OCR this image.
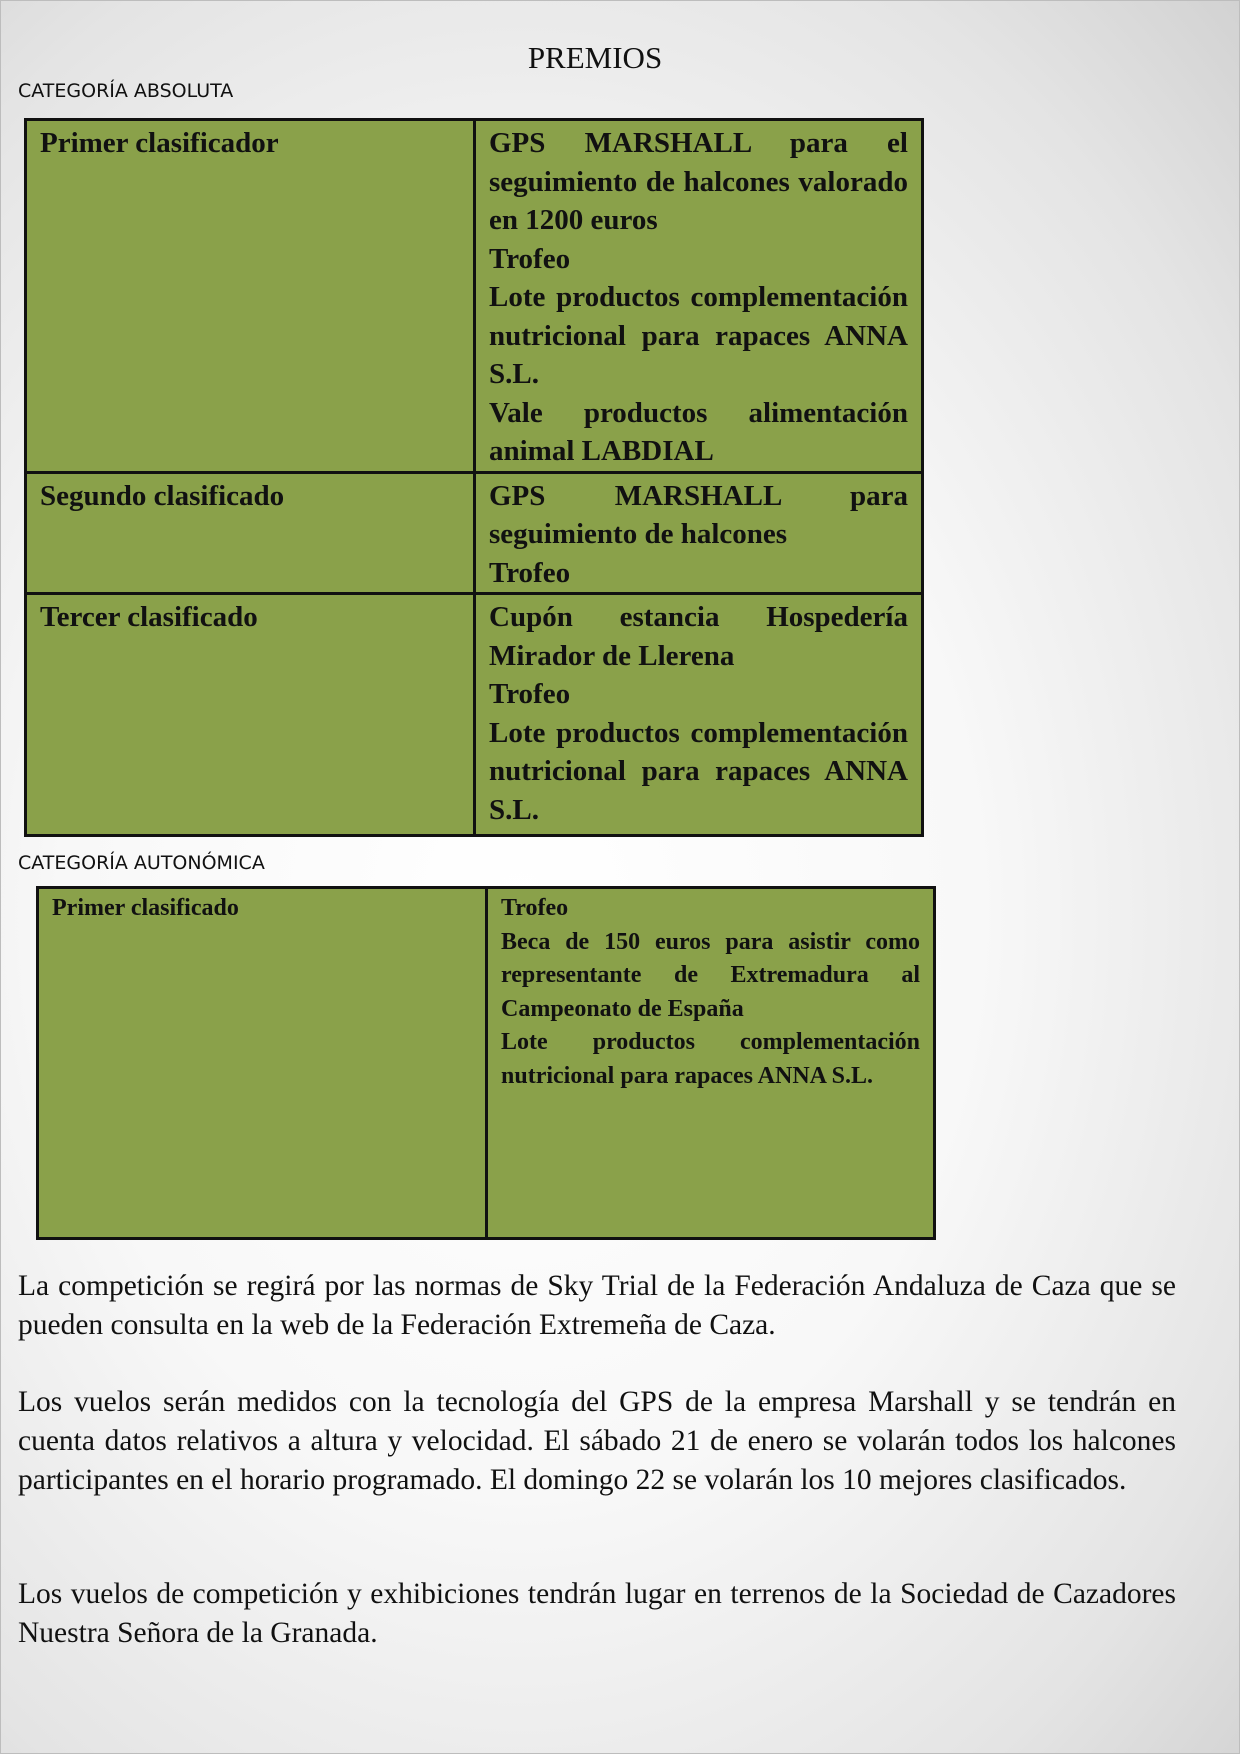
PREMIOS
CATEGORÍA ABSOLUTA
Primer clasificador	GPS MARSHALL para el seguimiento de halcones valorado en 1200 euros
Trofeo
Lote productos complementación nutricional para rapaces ANNA S.L.
Vale productos alimentación animal LABDIAL

Segundo clasificado	GPS MARSHALL para seguimiento de halcones
Trofeo

Tercer clasificado	Cupón estancia Hospedería Mirador de Llerena
Trofeo
Lote productos complementación nutricional para rapaces ANNA S.L.
CATEGORÍA AUTONÓMICA
Primer clasificado	Trofeo
Beca de 150 euros para asistir como representante de Extremadura al Campeonato de España
Lote productos complementación nutricional para rapaces ANNA S.L.
La competición se regirá por las normas de Sky Trial de la Federación Andaluza de Caza que se pueden consulta en la web de la Federación Extremeña de Caza.
Los vuelos serán medidos con la tecnología del GPS de la empresa Marshall y se tendrán en cuenta datos relativos a altura y velocidad. El sábado 21 de enero se volarán todos los halcones participantes en el horario programado. El domingo 22 se volarán los 10 mejores clasificados.
Los vuelos de competición y exhibiciones tendrán lugar en terrenos de la Sociedad de Cazadores Nuestra Señora de la Granada.
